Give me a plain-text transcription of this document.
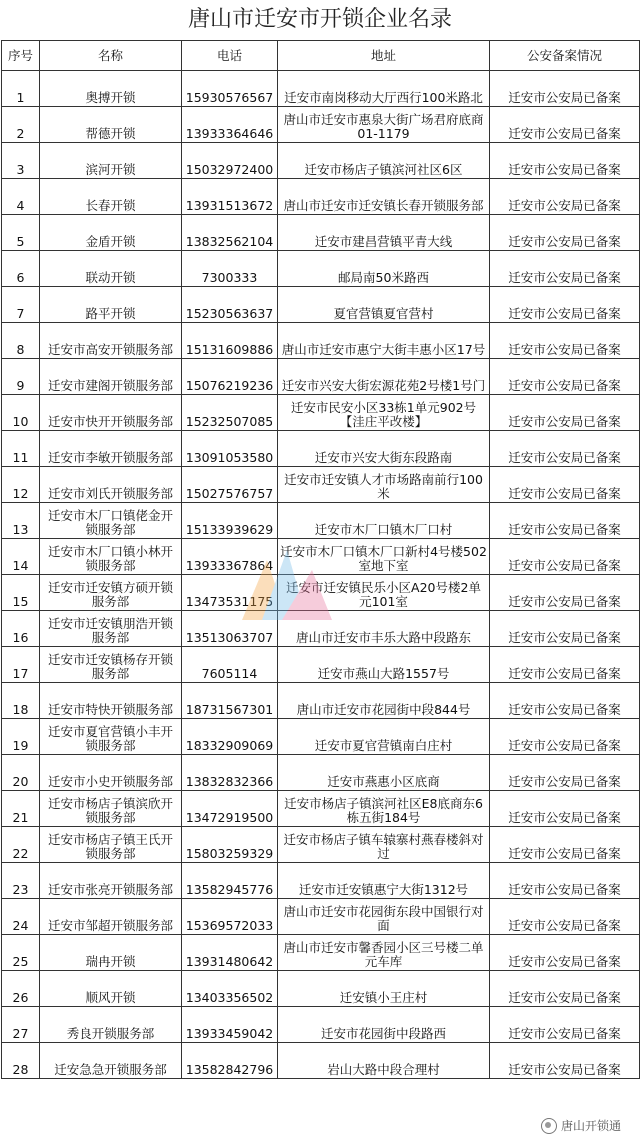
唐山市迁安市开锁企业名录
序号	名称	电话	地址	公安备案情况
1	奥搏开锁	15930576567	迁安市南岗移动大厅西行100米路北	迁安市公安局已备案
2	帮德开锁	13933364646	唐山市迁安市惠泉大街广场君府底商01-1179	迁安市公安局已备案
3	滨河开锁	15032972400	迁安市杨店子镇滨河社区6区	迁安市公安局已备案
4	长春开锁	13931513672	唐山市迁安市迁安镇长春开锁服务部	迁安市公安局已备案
5	金盾开锁	13832562104	迁安市建昌营镇平青大线	迁安市公安局已备案
6	联动开锁	7300333	邮局南50米路西	迁安市公安局已备案
7	路平开锁	15230563637	夏官营镇夏官营村	迁安市公安局已备案
8	迁安市高安开锁服务部	15131609886	唐山市迁安市惠宁大街丰惠小区17号	迁安市公安局已备案
9	迁安市建阁开锁服务部	15076219236	迁安市兴安大街宏源花苑2号楼1号门	迁安市公安局已备案
10	迁安市快开开锁服务部	15232507085	迁安市民安小区33栋1单元902号【洼庄平改楼】	迁安市公安局已备案
11	迁安市李敏开锁服务部	13091053580	迁安市兴安大街东段路南	迁安市公安局已备案
12	迁安市刘氏开锁服务部	15027576757	迁安市迁安镇人才市场路南前行100米	迁安市公安局已备案
13	迁安市木厂口镇佬金开锁服务部	15133939629	迁安市木厂口镇木厂口村	迁安市公安局已备案
14	迁安市木厂口镇小林开锁服务部	13933367864	迁安市木厂口镇木厂口新村4号楼502室地下室	迁安市公安局已备案
15	迁安市迁安镇方硕开锁服务部	13473531175	迁安市迁安镇民乐小区A20号楼2单元101室	迁安市公安局已备案
16	迁安市迁安镇朋浩开锁服务部	13513063707	唐山市迁安市丰乐大路中段路东	迁安市公安局已备案
17	迁安市迁安镇杨存开锁服务部	7605114	迁安市燕山大路1557号	迁安市公安局已备案
18	迁安市特快开锁服务部	18731567301	唐山市迁安市花园街中段844号	迁安市公安局已备案
19	迁安市夏官营镇小丰开锁服务部	18332909069	迁安市夏官营镇南白庄村	迁安市公安局已备案
20	迁安市小史开锁服务部	13832832366	迁安市燕惠小区底商	迁安市公安局已备案
21	迁安市杨店子镇滨欣开锁服务部	13472919500	迁安市杨店子镇滨河社区E8底商东6栋五街184号	迁安市公安局已备案
22	迁安市杨店子镇王氏开锁服务部	15803259329	迁安市杨店子镇车辕寨村燕春楼斜对过	迁安市公安局已备案
23	迁安市张亮开锁服务部	13582945776	迁安市迁安镇惠宁大街1312号	迁安市公安局已备案
24	迁安市邹超开锁服务部	15369572033	唐山市迁安市花园街东段中国银行对面	迁安市公安局已备案
25	瑞冉开锁	13931480642	唐山市迁安市馨香园小区三号楼二单元车库	迁安市公安局已备案
26	顺风开锁	13403356502	迁安镇小王庄村	迁安市公安局已备案
27	秀良开锁服务部	13933459042	迁安市花园街中段路西	迁安市公安局已备案
28	迁安急急开锁服务部	13582842796	岩山大路中段合理村	迁安市公安局已备案
唐山开锁通
